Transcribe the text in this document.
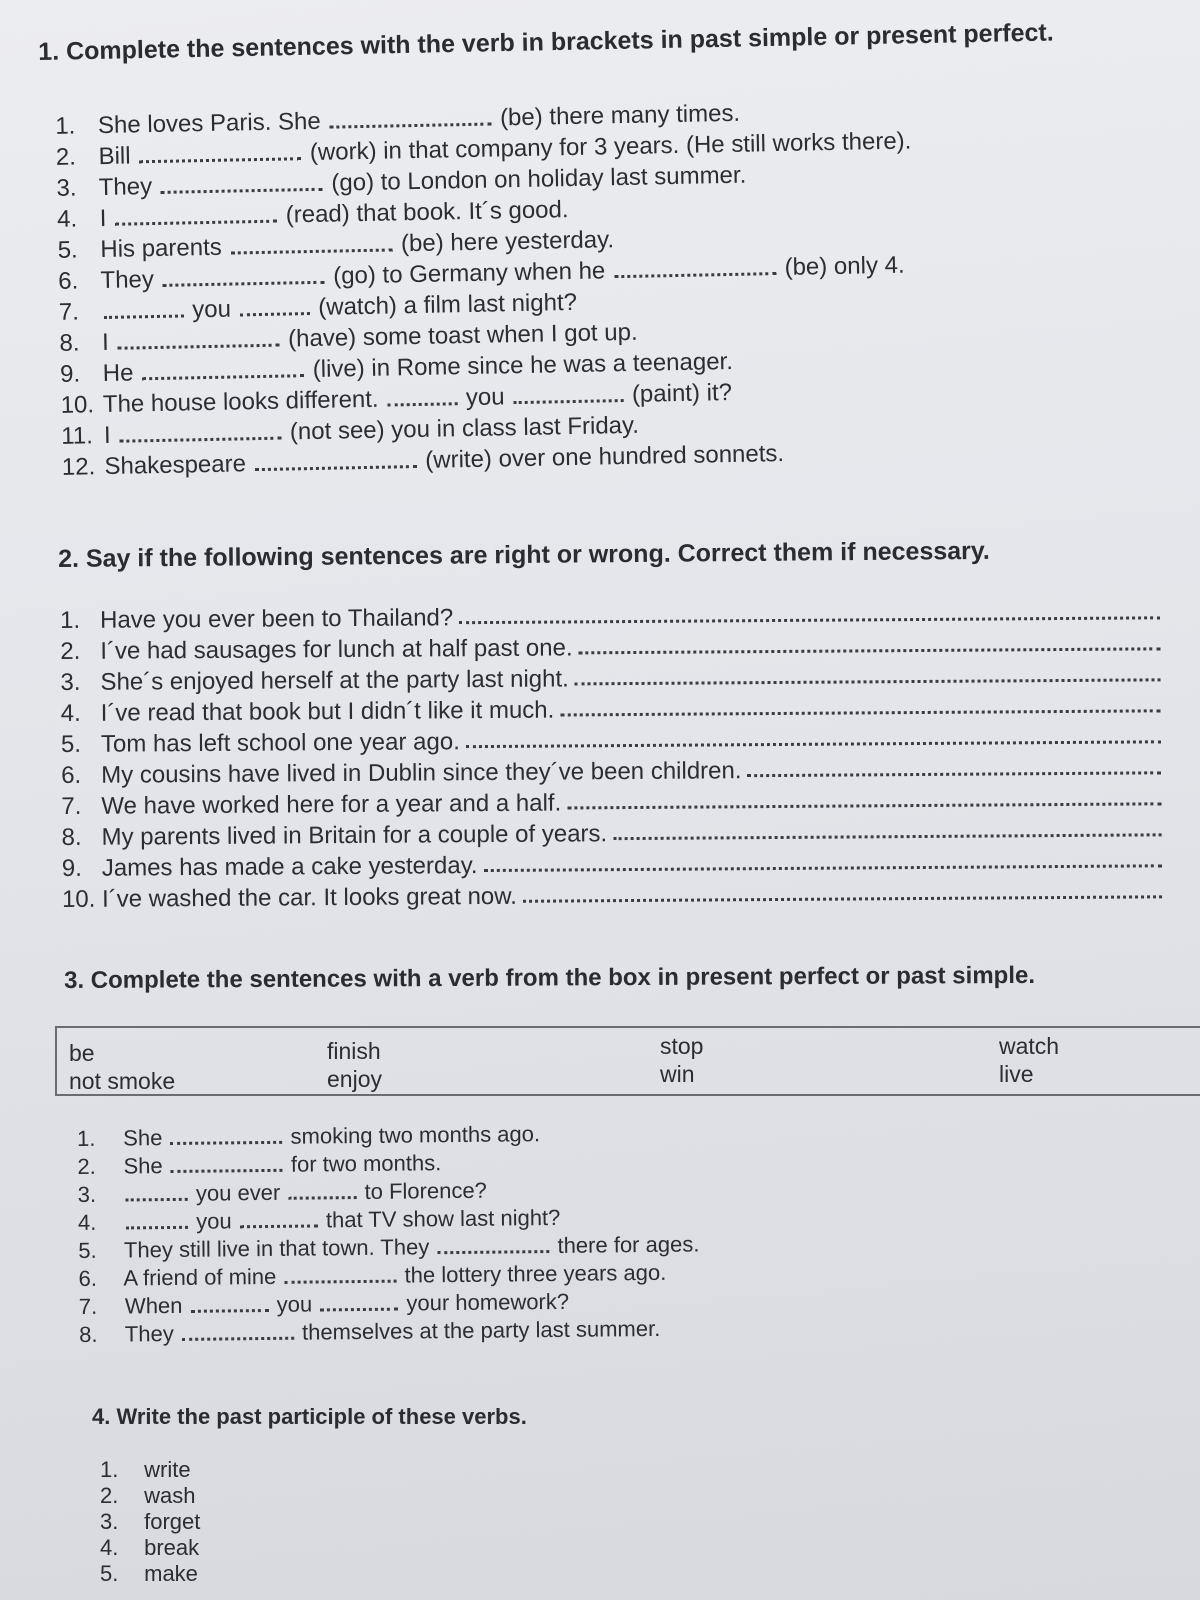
1. Complete the sentences with the verb in brackets in past simple or present perfect.
1. She loves Paris. She	(be) there many times.
2. Bill	(work) in that company for 3 years. (He still works there).
3. They	(go) to London on holiday last summer.
4. I	(read) that book. It´s good.
5. His parents	(be) here yesterday.
6. They	(go) to Germany when he	(be) only 4.
7.	you	(watch) a film last night?
8. I	(have) some toast when I got up.
9. He	(live) in Rome since he was a teenager.
10. The house looks different.	you	(paint) it?
11. I	(not see) you in class last Friday.
12. Shakespeare	(write) over one hundred sonnets.
2. Say if the following sentences are right or wrong. Correct them if necessary.
1. Have you ever been to Thailand?
2. I´ve had sausages for lunch at half past one.
3. She´s enjoyed herself at the party last night.
4. I´ve read that book but I didn´t like it much.
5. Tom has left school one year ago.
6. My cousins have lived in Dublin since they´ve been children.
7. We have worked here for a year and a half.
8. My parents lived in Britain for a couple of years.
9. James has made a cake yesterday.
10. I´ve washed the car. It looks great now.
3. Complete the sentences with a verb from the box in present perfect or past simple.
be	finish	stop	watch
not smoke	enjoy	win	live
1. She	smoking two months ago.
2. She	for two months.
3.	you ever	to Florence?
4.	you	that TV show last night?
5. They still live in that town. They	there for ages.
6. A friend of mine	the lottery three years ago.
7. When	you	your homework?
8. They	themselves at the party last summer.
4. Write the past participle of these verbs.
1. write
2. wash
3. forget
4. break
5. make
